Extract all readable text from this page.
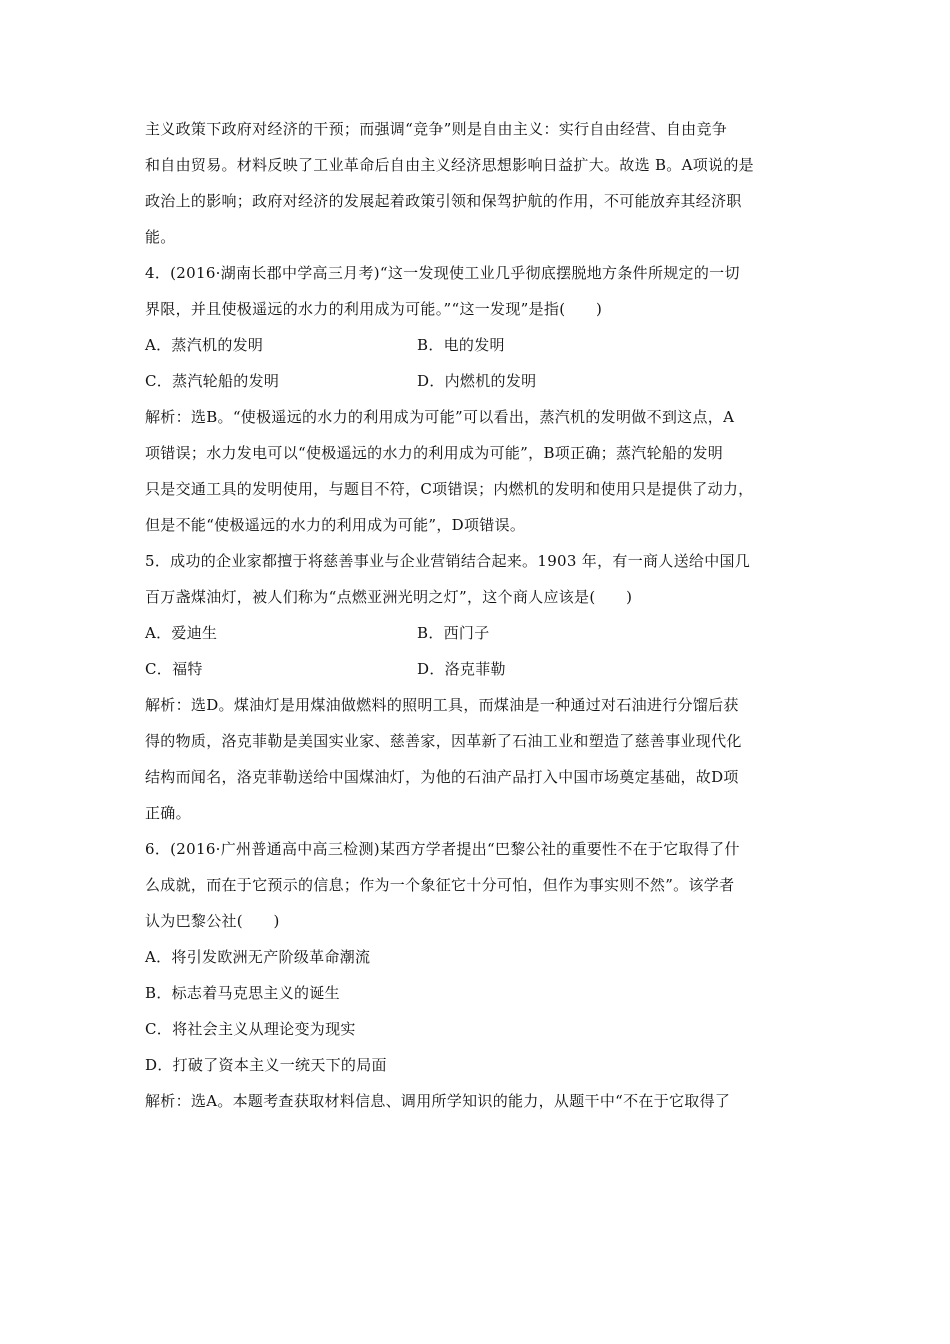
主义政策下政府对经济的干预；而强调“竞争”则是自由主义：实行自由经营、自由竞争
和自由贸易。材料反映了工业革命后自由主义经济思想影响日益扩大。故选 B。A项说的是
政治上的影响；政府对经济的发展起着政策引领和保驾护航的作用，不可能放弃其经济职
能。
4．(2016·湖南长郡中学高三月考)“这一发现使工业几乎彻底摆脱地方条件所规定的一切
界限，并且使极遥远的水力的利用成为可能。”“这一发现”是指(　　)
A．蒸汽机的发明	B．电的发明
C．蒸汽轮船的发明	D．内燃机的发明
解析：选B。“使极遥远的水力的利用成为可能”可以看出，蒸汽机的发明做不到这点，A
项错误；水力发电可以“使极遥远的水力的利用成为可能”，B项正确；蒸汽轮船的发明
只是交通工具的发明使用，与题目不符，C项错误；内燃机的发明和使用只是提供了动力，
但是不能“使极遥远的水力的利用成为可能”，D项错误。
5．成功的企业家都擅于将慈善事业与企业营销结合起来。1903 年，有一商人送给中国几
百万盏煤油灯，被人们称为“点燃亚洲光明之灯”，这个商人应该是(　　)
A．爱迪生	B．西门子
C．福特	D．洛克菲勒
解析：选D。煤油灯是用煤油做燃料的照明工具，而煤油是一种通过对石油进行分馏后获
得的物质，洛克菲勒是美国实业家、慈善家，因革新了石油工业和塑造了慈善事业现代化
结构而闻名，洛克菲勒送给中国煤油灯，为他的石油产品打入中国市场奠定基础，故D项
正确。
6．(2016·广州普通高中高三检测)某西方学者提出“巴黎公社的重要性不在于它取得了什
么成就，而在于它预示的信息；作为一个象征它十分可怕，但作为事实则不然”。该学者
认为巴黎公社(　　)
A．将引发欧洲无产阶级革命潮流
B．标志着马克思主义的诞生
C．将社会主义从理论变为现实
D．打破了资本主义一统天下的局面
解析：选A。本题考查获取材料信息、调用所学知识的能力，从题干中“不在于它取得了
